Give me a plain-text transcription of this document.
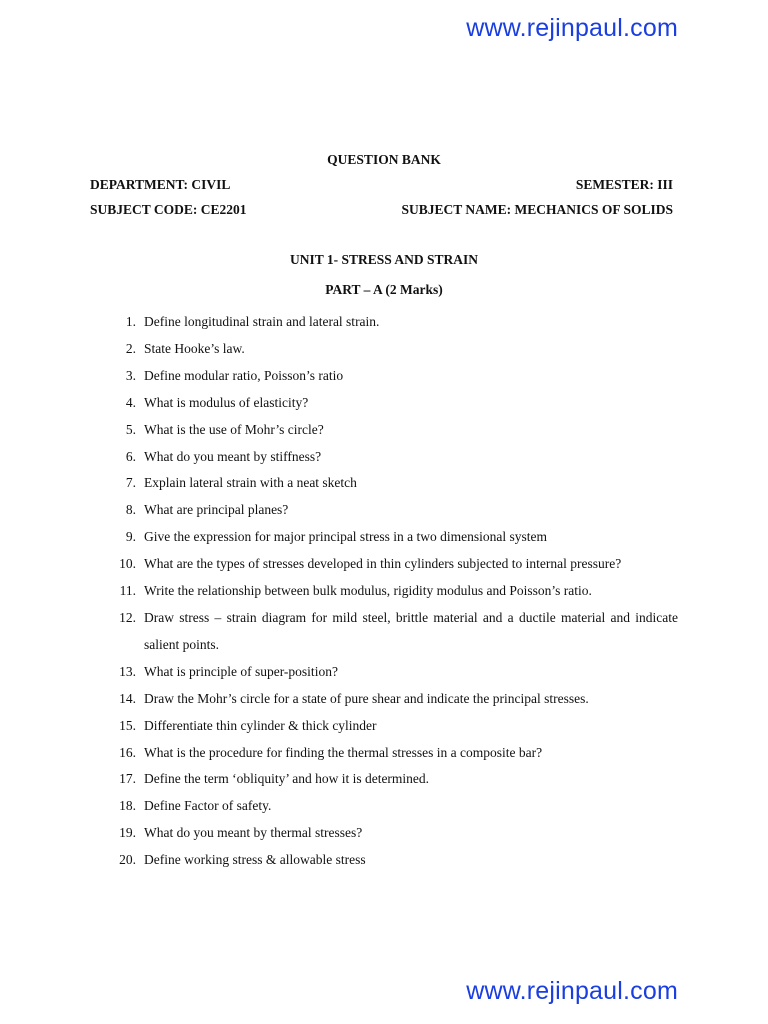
www.rejinpaul.com
QUESTION BANK
DEPARTMENT: CIVIL	SEMESTER: III
SUBJECT CODE: CE2201	SUBJECT NAME: MECHANICS OF SOLIDS
UNIT 1- STRESS AND STRAIN
PART – A (2 Marks)
1. Define longitudinal strain and lateral strain.
2. State Hooke’s law.
3. Define modular ratio, Poisson’s ratio
4. What is modulus of elasticity?
5. What is the use of Mohr’s circle?
6. What do you meant by stiffness?
7. Explain lateral strain with a neat sketch
8. What are principal planes?
9. Give the expression for major principal stress in a two dimensional system
10. What are the types of stresses developed in thin cylinders subjected to internal pressure?
11. Write the relationship between bulk modulus, rigidity modulus and Poisson’s ratio.
12. Draw stress – strain diagram for mild steel, brittle material and a ductile material and indicate salient points.
13. What is principle of super-position?
14. Draw the Mohr’s circle for a state of pure shear and indicate the principal stresses.
15. Differentiate thin cylinder & thick cylinder
16. What is the procedure for finding the thermal stresses in a composite bar?
17. Define the term ‘obliquity’ and how it is determined.
18. Define Factor of safety.
19. What do you meant by thermal stresses?
20. Define working stress & allowable stress
www.rejinpaul.com
